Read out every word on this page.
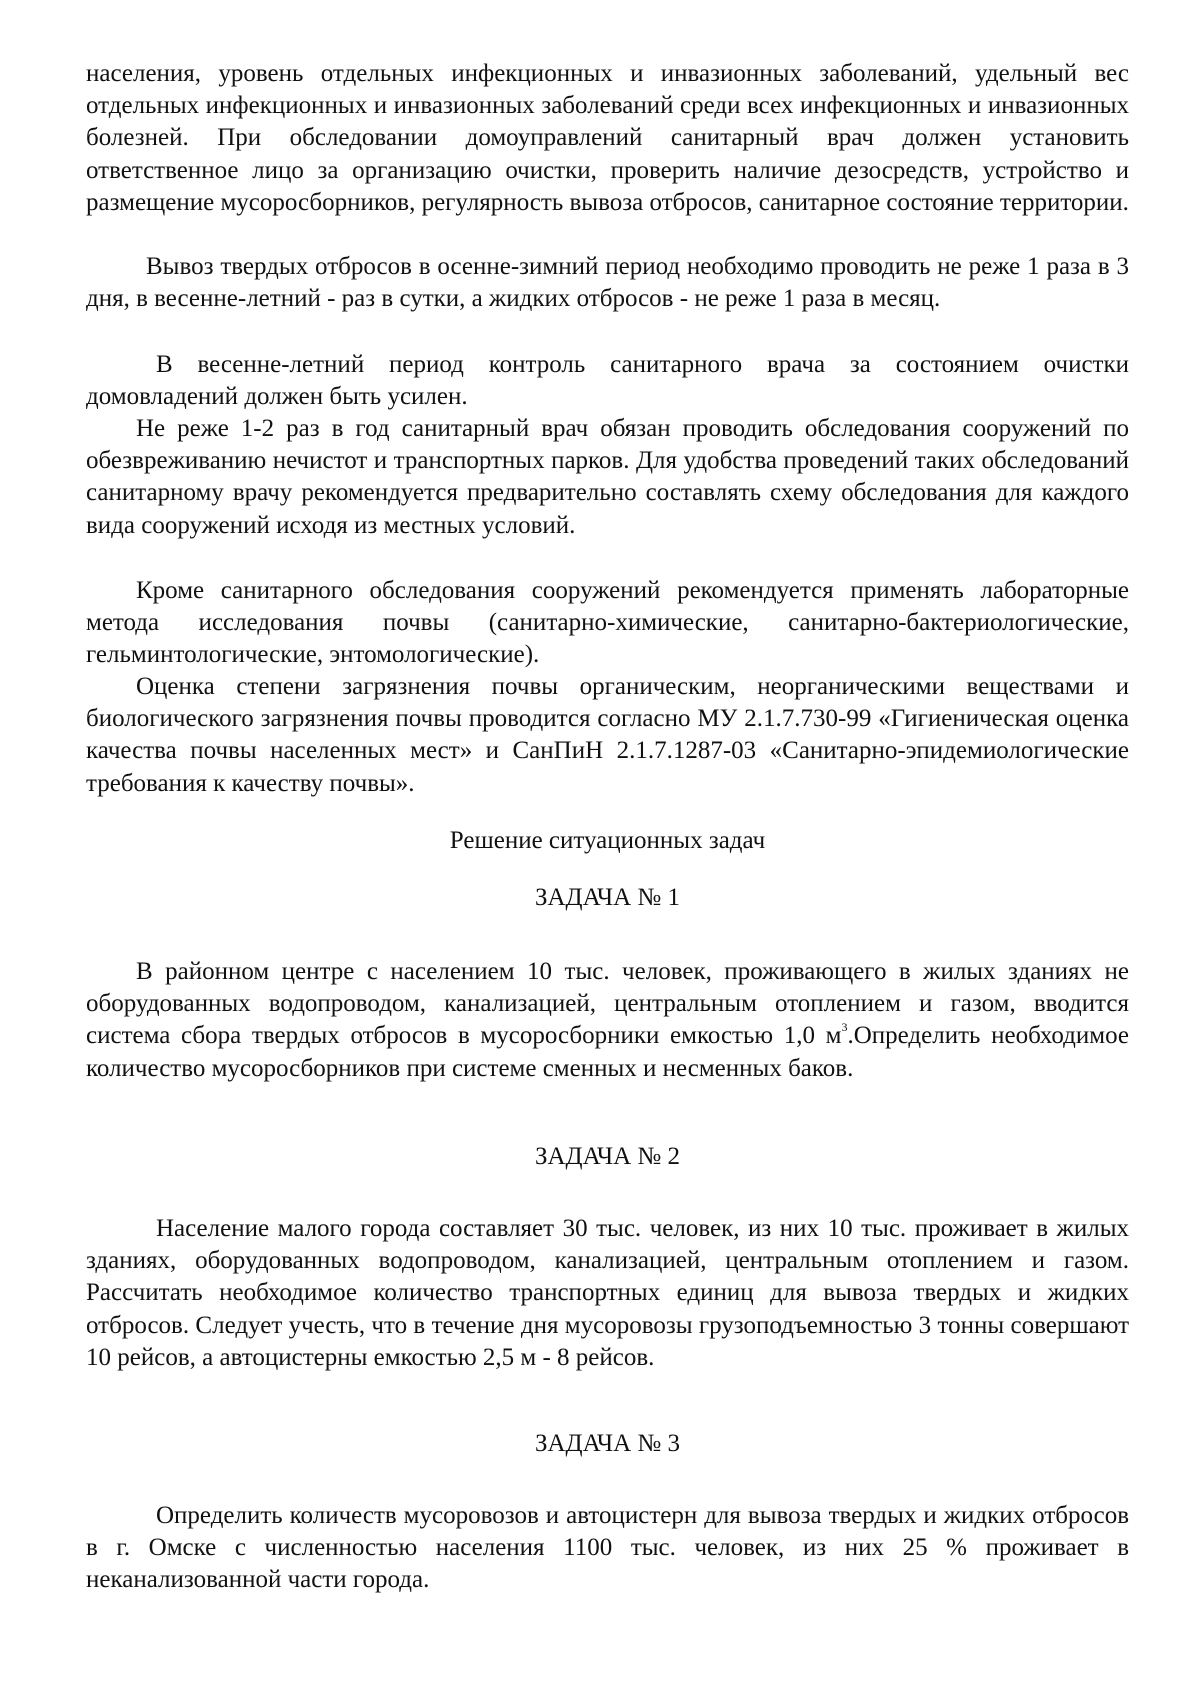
населения, уровень отдельных инфекционных и инвазионных заболеваний, удельный вес отдельных инфекционных и инвазионных заболеваний среди всех инфекционных и инвазионных болезней. При обследовании домоуправлений санитарный врач должен установить ответственное лицо за организацию очистки, проверить наличие дезосредств, устройство и размещение мусоросборников, регулярность вывоза отбросов, санитарное состояние территории.

Вывоз твердых отбросов в осенне-зимний период необходимо проводить не реже 1 раза в 3 дня, в весенне-летний - раз в сутки, а жидких отбросов - не реже 1 раза в месяц.

В весенне-летний период контроль санитарного врача за состоянием очистки домовладений должен быть усилен.

Не реже 1-2 раз в год санитарный врач обязан проводить обследования сооружений по обезвреживанию нечистот и транспортных парков. Для удобства проведений таких обследований санитарному врачу рекомендуется предварительно составлять схему обследования для каждого вида сооружений исходя из местных условий.

Кроме санитарного обследования сооружений рекомендуется применять лабораторные метода исследования почвы (санитарно-химические, санитарно-бактериологические, гельминтологические, энтомологические).

Оценка степени загрязнения почвы органическим, неорганическими веществами и биологического загрязнения почвы проводится согласно МУ 2.1.7.730-99 «Гигиеническая оценка качества почвы населенных мест» и СанПиН 2.1.7.1287-03 «Санитарно-эпидемиологические требования к качеству почвы».

Решение ситуационных задач
ЗАДАЧА № 1

В районном центре с населением 10 тыс. человек, проживающего в жилых зданиях не оборудованных водопроводом, канализацией, центральным отоплением и газом, вводится система сбора твердых отбросов в мусоросборники емкостью 1,0 $м^3.Определить$ необходимое количество мусоросборников при системе сменных и несменных баков.

ЗАДАЧА № 2

Население малого города составляет 30 тыс. человек, из них 10 тыс. проживает в жилых зданиях, оборудованных водопроводом, канализацией, центральным отоплением и газом. Рассчитать необходимое количество транспортных единиц для вывоза твердых и жидких отбросов. Следует учесть, что в течение дня мусоровозы грузоподъемностью 3 тонны совершают 10 рейсов, а автоцистерны емкостью 2,5 м - 8 рейсов.

ЗАДАЧА № 3

Определить количеств мусоровозов и автоцистерн для вывоза твердых и жидких отбросов в г. Омске с численностью населения 1100 тыс. человек, из них 25 % проживает в неканализованной части города.
